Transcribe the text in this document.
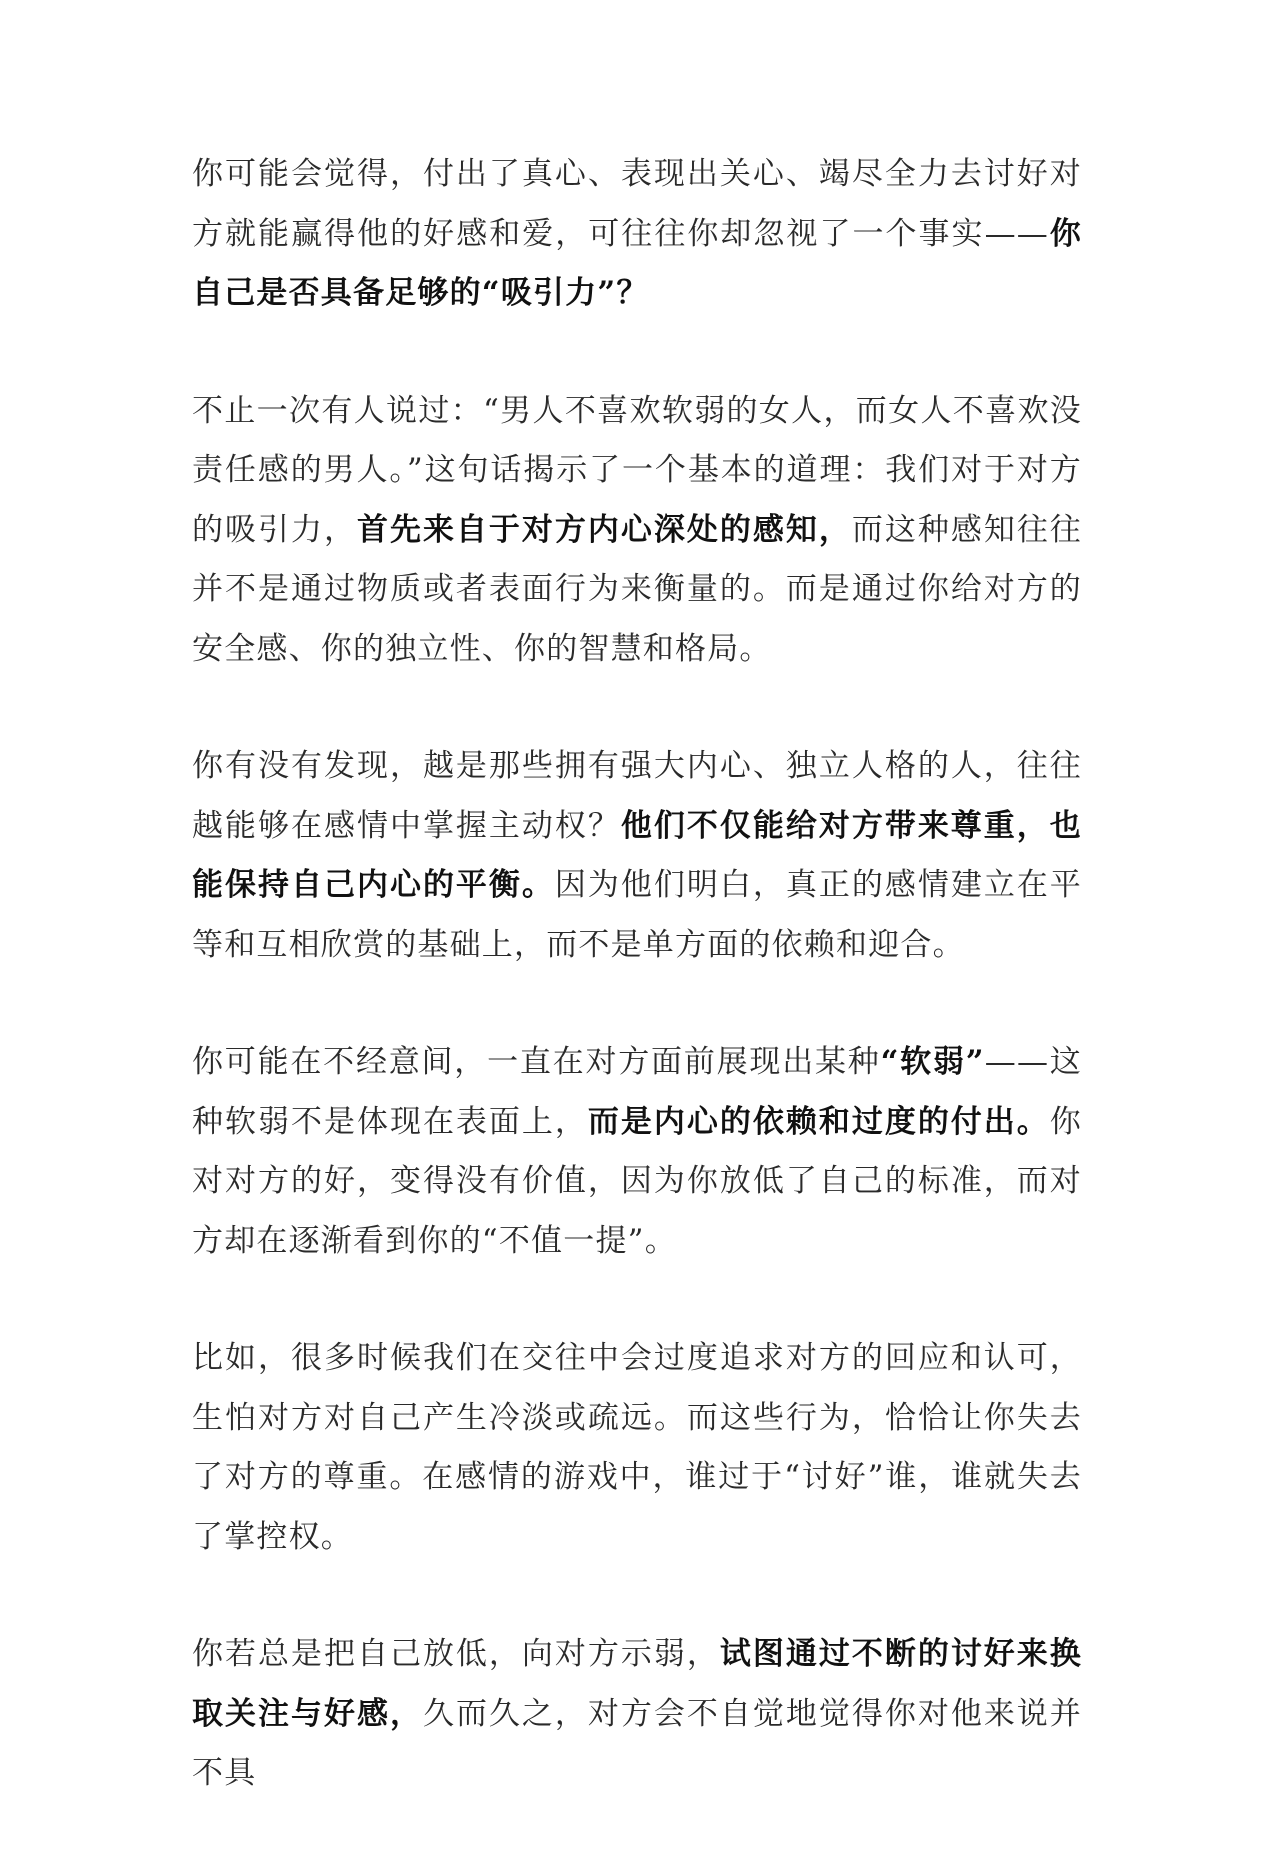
你可能会觉得，付出了真心、表现出关心、竭尽全力去讨好对方就能赢得他的好感和爱，可往往你却忽视了一个事实——你自己是否具备足够的“吸引力”？

不止一次有人说过：“男人不喜欢软弱的女人，而女人不喜欢没责任感的男人。”这句话揭示了一个基本的道理：我们对于对方的吸引力，首先来自于对方内心深处的感知，而这种感知往往并不是通过物质或者表面行为来衡量的。而是通过你给对方的安全感、你的独立性、你的智慧和格局。

你有没有发现，越是那些拥有强大内心、独立人格的人，往往越能够在感情中掌握主动权？他们不仅能给对方带来尊重，也能保持自己内心的平衡。因为他们明白，真正的感情建立在平等和互相欣赏的基础上，而不是单方面的依赖和迎合。

你可能在不经意间，一直在对方面前展现出某种“软弱”——这种软弱不是体现在表面上，而是内心的依赖和过度的付出。你对对方的好，变得没有价值，因为你放低了自己的标准，而对方却在逐渐看到你的“不值一提”。

比如，很多时候我们在交往中会过度追求对方的回应和认可，生怕对方对自己产生冷淡或疏远。而这些行为，恰恰让你失去了对方的尊重。在感情的游戏中，谁过于“讨好”谁，谁就失去了掌控权。

你若总是把自己放低，向对方示弱，试图通过不断的讨好来换取关注与好感，久而久之，对方会不自觉地觉得你对他来说并不具
